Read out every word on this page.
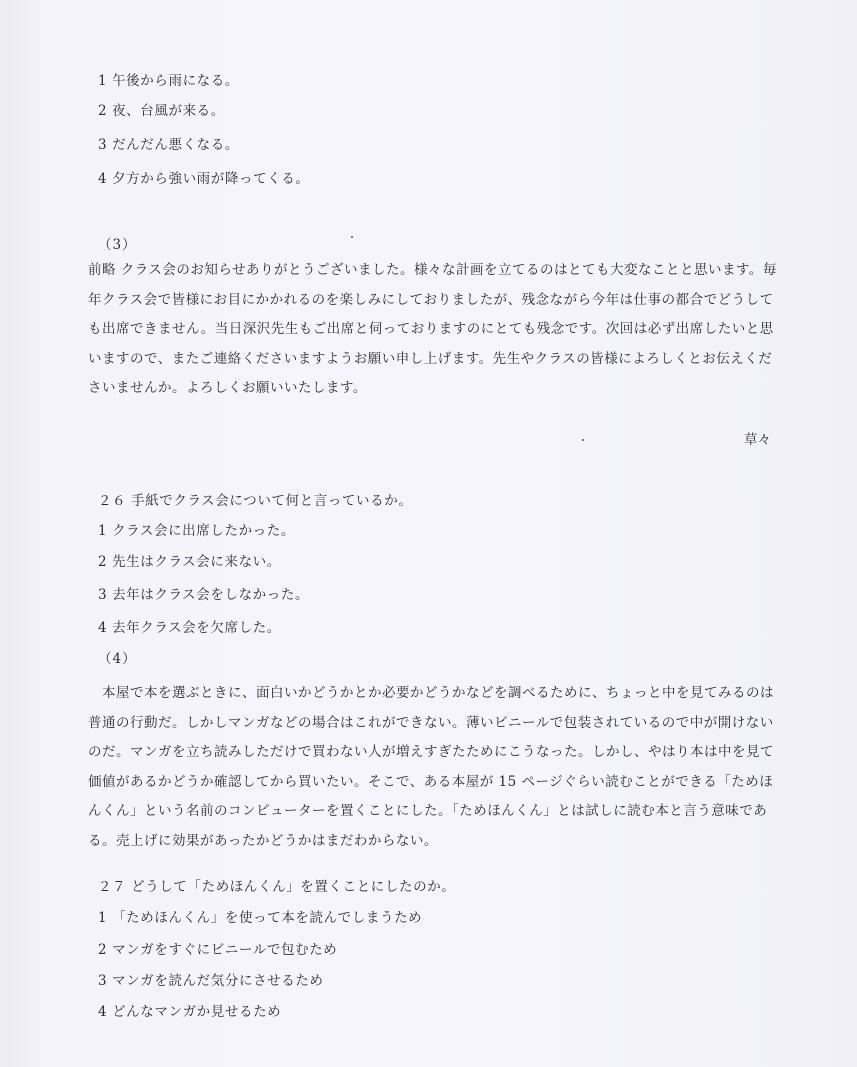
1 午後から雨になる。
2 夜、台風が来る。
3 だんだん悪くなる。
4 夕方から強い雨が降ってくる。
（3）
前略 クラス会のお知らせありがとうございました。様々な計画を立てるのはとても大変なことと思います。毎年クラス会で皆様にお目にかかれるのを楽しみにしておりましたが、残念ながら今年は仕事の都合でどうしても出席できません。当日深沢先生もご出席と伺っておりますのにとても残念です。次回は必ず出席したいと思いますので、またご連絡くださいますようお願い申し上げます。先生やクラスの皆様によろしくとお伝えくださいませんか。よろしくお願いいたします。
草々
２６ 手紙でクラス会について何と言っているか。
1 クラス会に出席したかった。
2 先生はクラス会に来ない。
3 去年はクラス会をしなかった。
4 去年クラス会を欠席した。
（4）
　本屋で本を選ぶときに、面白いかどうかとか必要かどうかなどを調べるために、ちょっと中を見てみるのは普通の行動だ。しかしマンガなどの場合はこれができない。薄いビニールで包装されているので中が開けないのだ。マンガを立ち読みしただけで買わない人が増えすぎたためにこうなった。しかし、やはり本は中を見て価値があるかどうか確認してから買いたい。そこで、ある本屋が 15 ページぐらい読むことができる「ためほんくん」という名前のコンピューターを置くことにした。「ためほんくん」とは試しに読む本と言う意味である。売上げに効果があったかどうかはまだわからない。
２７ どうして「ためほんくん」を置くことにしたのか。
1 「ためほんくん」を使って本を読んでしまうため
2 マンガをすぐにビニールで包むため
3 マンガを読んだ気分にさせるため
4 どんなマンガか見せるため
